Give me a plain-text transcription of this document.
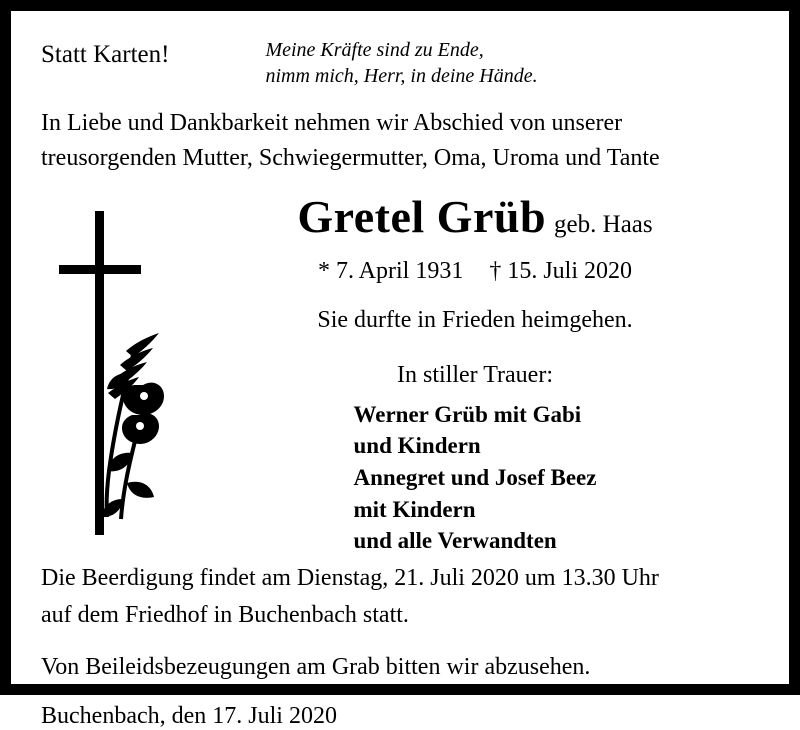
Statt Karten!	Meine Kräfte sind zu Ende,
nimm mich, Herr, in deine Hände.
In Liebe und Dankbarkeit nehmen wir Abschied von unserer
treusorgenden Mutter, Schwiegermutter, Oma, Uroma und Tante
Gretel Grüb geb. Haas
* 7. April 1931 † 15. Juli 2020
Sie durfte in Frieden heimgehen.
In stiller Trauer:
Werner Grüb mit Gabi
und Kindern
Annegret und Josef Beez
mit Kindern
und alle Verwandten
Die Beerdigung findet am Dienstag, 21. Juli 2020 um 13.30 Uhr
auf dem Friedhof in Buchenbach statt.
Von Beileidsbezeugungen am Grab bitten wir abzusehen.
Buchenbach, den 17. Juli 2020
